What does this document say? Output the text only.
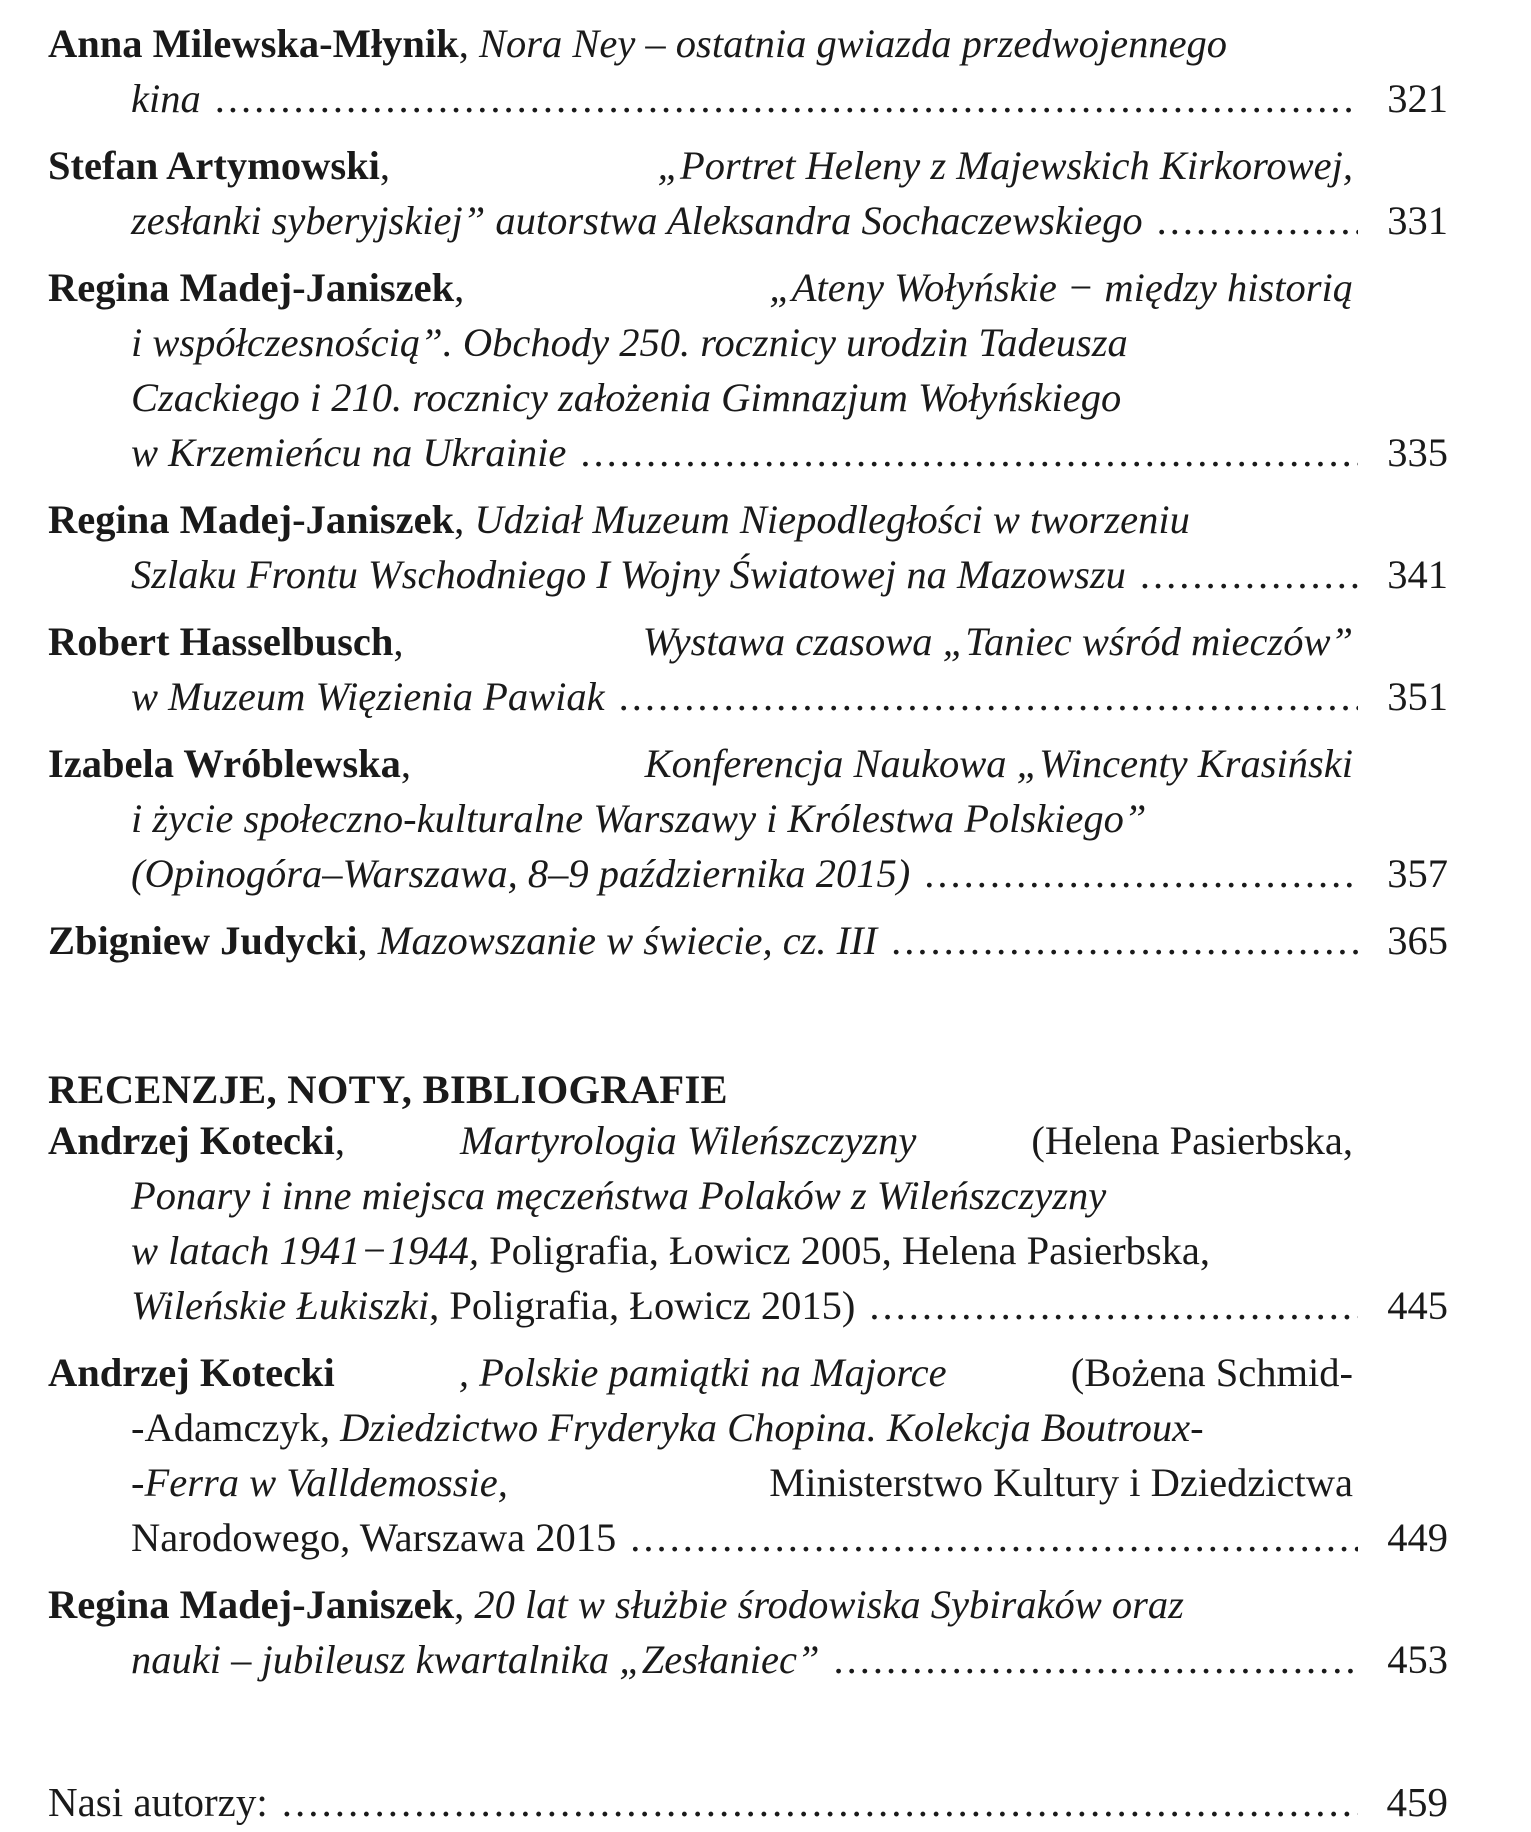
Anna Milewska-Młynik , Nora Ney – ostatnia gwiazda przedwojennego
kina .....	321
Stefan Artymowski,	„Portret Heleny z Majewskich Kirkorowej,
zesłanki syberyjskiej” autorstwa Aleksandra Sochaczewskiego .....	331
Regina Madej-Janiszek,	„Ateny Wołyńskie − między historią
i współczesnością”. Obchody 250. rocznicy urodzin Tadeusza
Czackiego i 210. rocznicy założenia Gimnazjum Wołyńskiego
w Krzemieńcu na Ukrainie .....	335
Regina Madej-Janiszek , Udział Muzeum Niepodległości w tworzeniu
Szlaku Frontu Wschodniego I Wojny Światowej na Mazowszu .....	341
Robert Hasselbusch,	Wystawa czasowa „Taniec wśród mieczów”
w Muzeum Więzienia Pawiak .....	351
Izabela Wróblewska,	Konferencja Naukowa „Wincenty Krasiński
i życie społeczno-kulturalne Warszawy i Królestwa Polskiego”
(Opinogóra–Warszawa, 8–9 października 2015) .....	357
Zbigniew Judycki , Mazowszanie w świecie, cz. III .....	365
RECENZJE, NOTY, BIBLIOGRAFIE
Andrzej Kotecki,	Martyrologia Wileńszczyzny	(Helena Pasierbska,
Ponary i inne miejsca męczeństwa Polaków z Wileńszczyzny
w latach 1941−1944,
Poligrafia, Łowicz 2005, Helena Pasierbska,
Wileńskie Łukiszki , Poligrafia, Łowicz 2015) .....	445
Andrzej Kotecki	, Polskie pamiątki na Majorce	(Bożena Schmid-
-Adamczyk,
Dziedzictwo Fryderyka Chopina. Kolekcja Boutroux-
-Ferra w Valldemossie,	Ministerstwo Kultury i Dziedzictwa
Narodowego, Warszawa 2015 .....	449
Regina Madej-Janiszek , 20 lat w służbie środowiska Sybiraków oraz
nauki – jubileusz kwartalnika „Zesłaniec” .....	453
Nasi autorzy: .....	459
